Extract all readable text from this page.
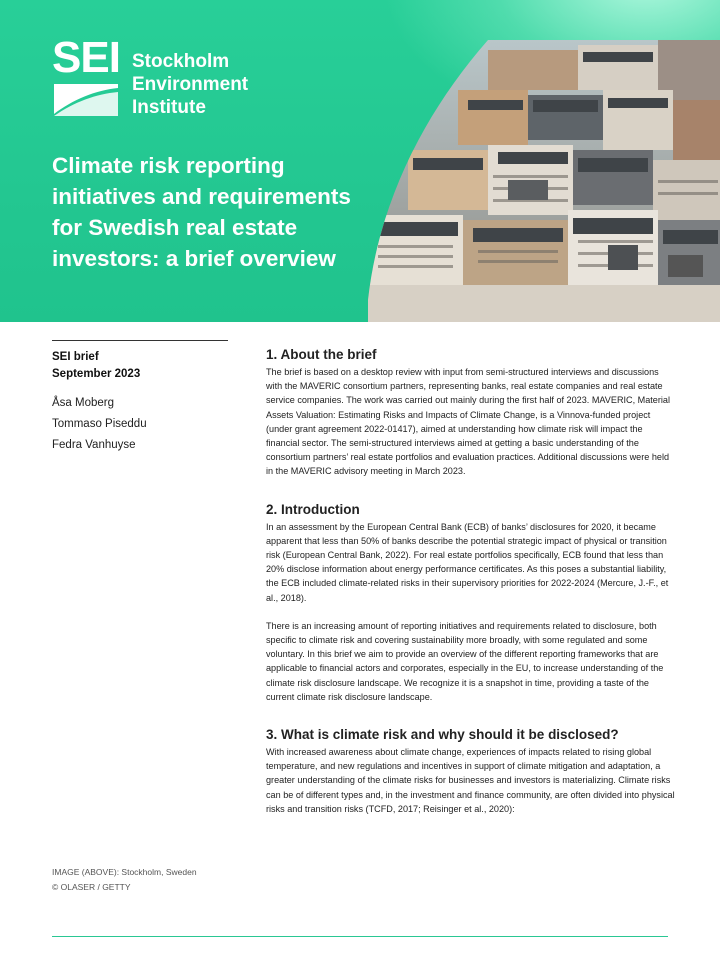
SEI Stockholm
Environment
Institute
Climate risk reporting initiatives and requirements for Swedish real estate investors: a brief overview
SEI brief
September 2023
Åsa Moberg
Tommaso Piseddu
Fedra Vanhuyse
IMAGE (ABOVE): Stockholm, Sweden
© OLASER / GETTY
1. About the brief

The brief is based on a desktop review with input from semi-structured interviews and discussions with the MAVERIC consortium partners, representing banks, real estate companies and real estate service companies. The work was carried out mainly during the first half of 2023. MAVERIC, Material Assets Valuation: Estimating Risks and Impacts of Climate Change, is a Vinnova-funded project (under grant agreement 2022-01417), aimed at understanding how climate risk will impact the financial sector. The semi-structured interviews aimed at getting a basic understanding of the consortium partners’ real estate portfolios and evaluation practices. Additional discussions were held in the MAVERIC advisory meeting in March 2023.

2. Introduction

In an assessment by the European Central Bank (ECB) of banks’ disclosures for 2020, it became apparent that less than 50% of banks describe the potential strategic impact of physical or transition risk (European Central Bank, 2022). For real estate portfolios specifically, ECB found that less than 20% disclose information about energy performance certificates. As this poses a substantial liability, the ECB included climate-related risks in their supervisory priorities for 2022-2024 (Mercure, J.-F., et al., 2018).

There is an increasing amount of reporting initiatives and requirements related to disclosure, both specific to climate risk and covering sustainability more broadly, with some regulated and some voluntary. In this brief we aim to provide an overview of the different reporting frameworks that are applicable to financial actors and corporates, especially in the EU, to increase understanding of the climate risk disclosure landscape. We recognize it is a snapshot in time, providing a taste of the current climate risk disclosure landscape.

3. What is climate risk and why should it be disclosed?

With increased awareness about climate change, experiences of impacts related to rising global temperature, and new regulations and incentives in support of climate mitigation and adaptation, a greater understanding of the climate risks for businesses and investors is materializing. Climate risks can be of different types and, in the investment and finance community, are often divided into physical risks and transition risks (TCFD, 2017; Reisinger et al., 2020):
